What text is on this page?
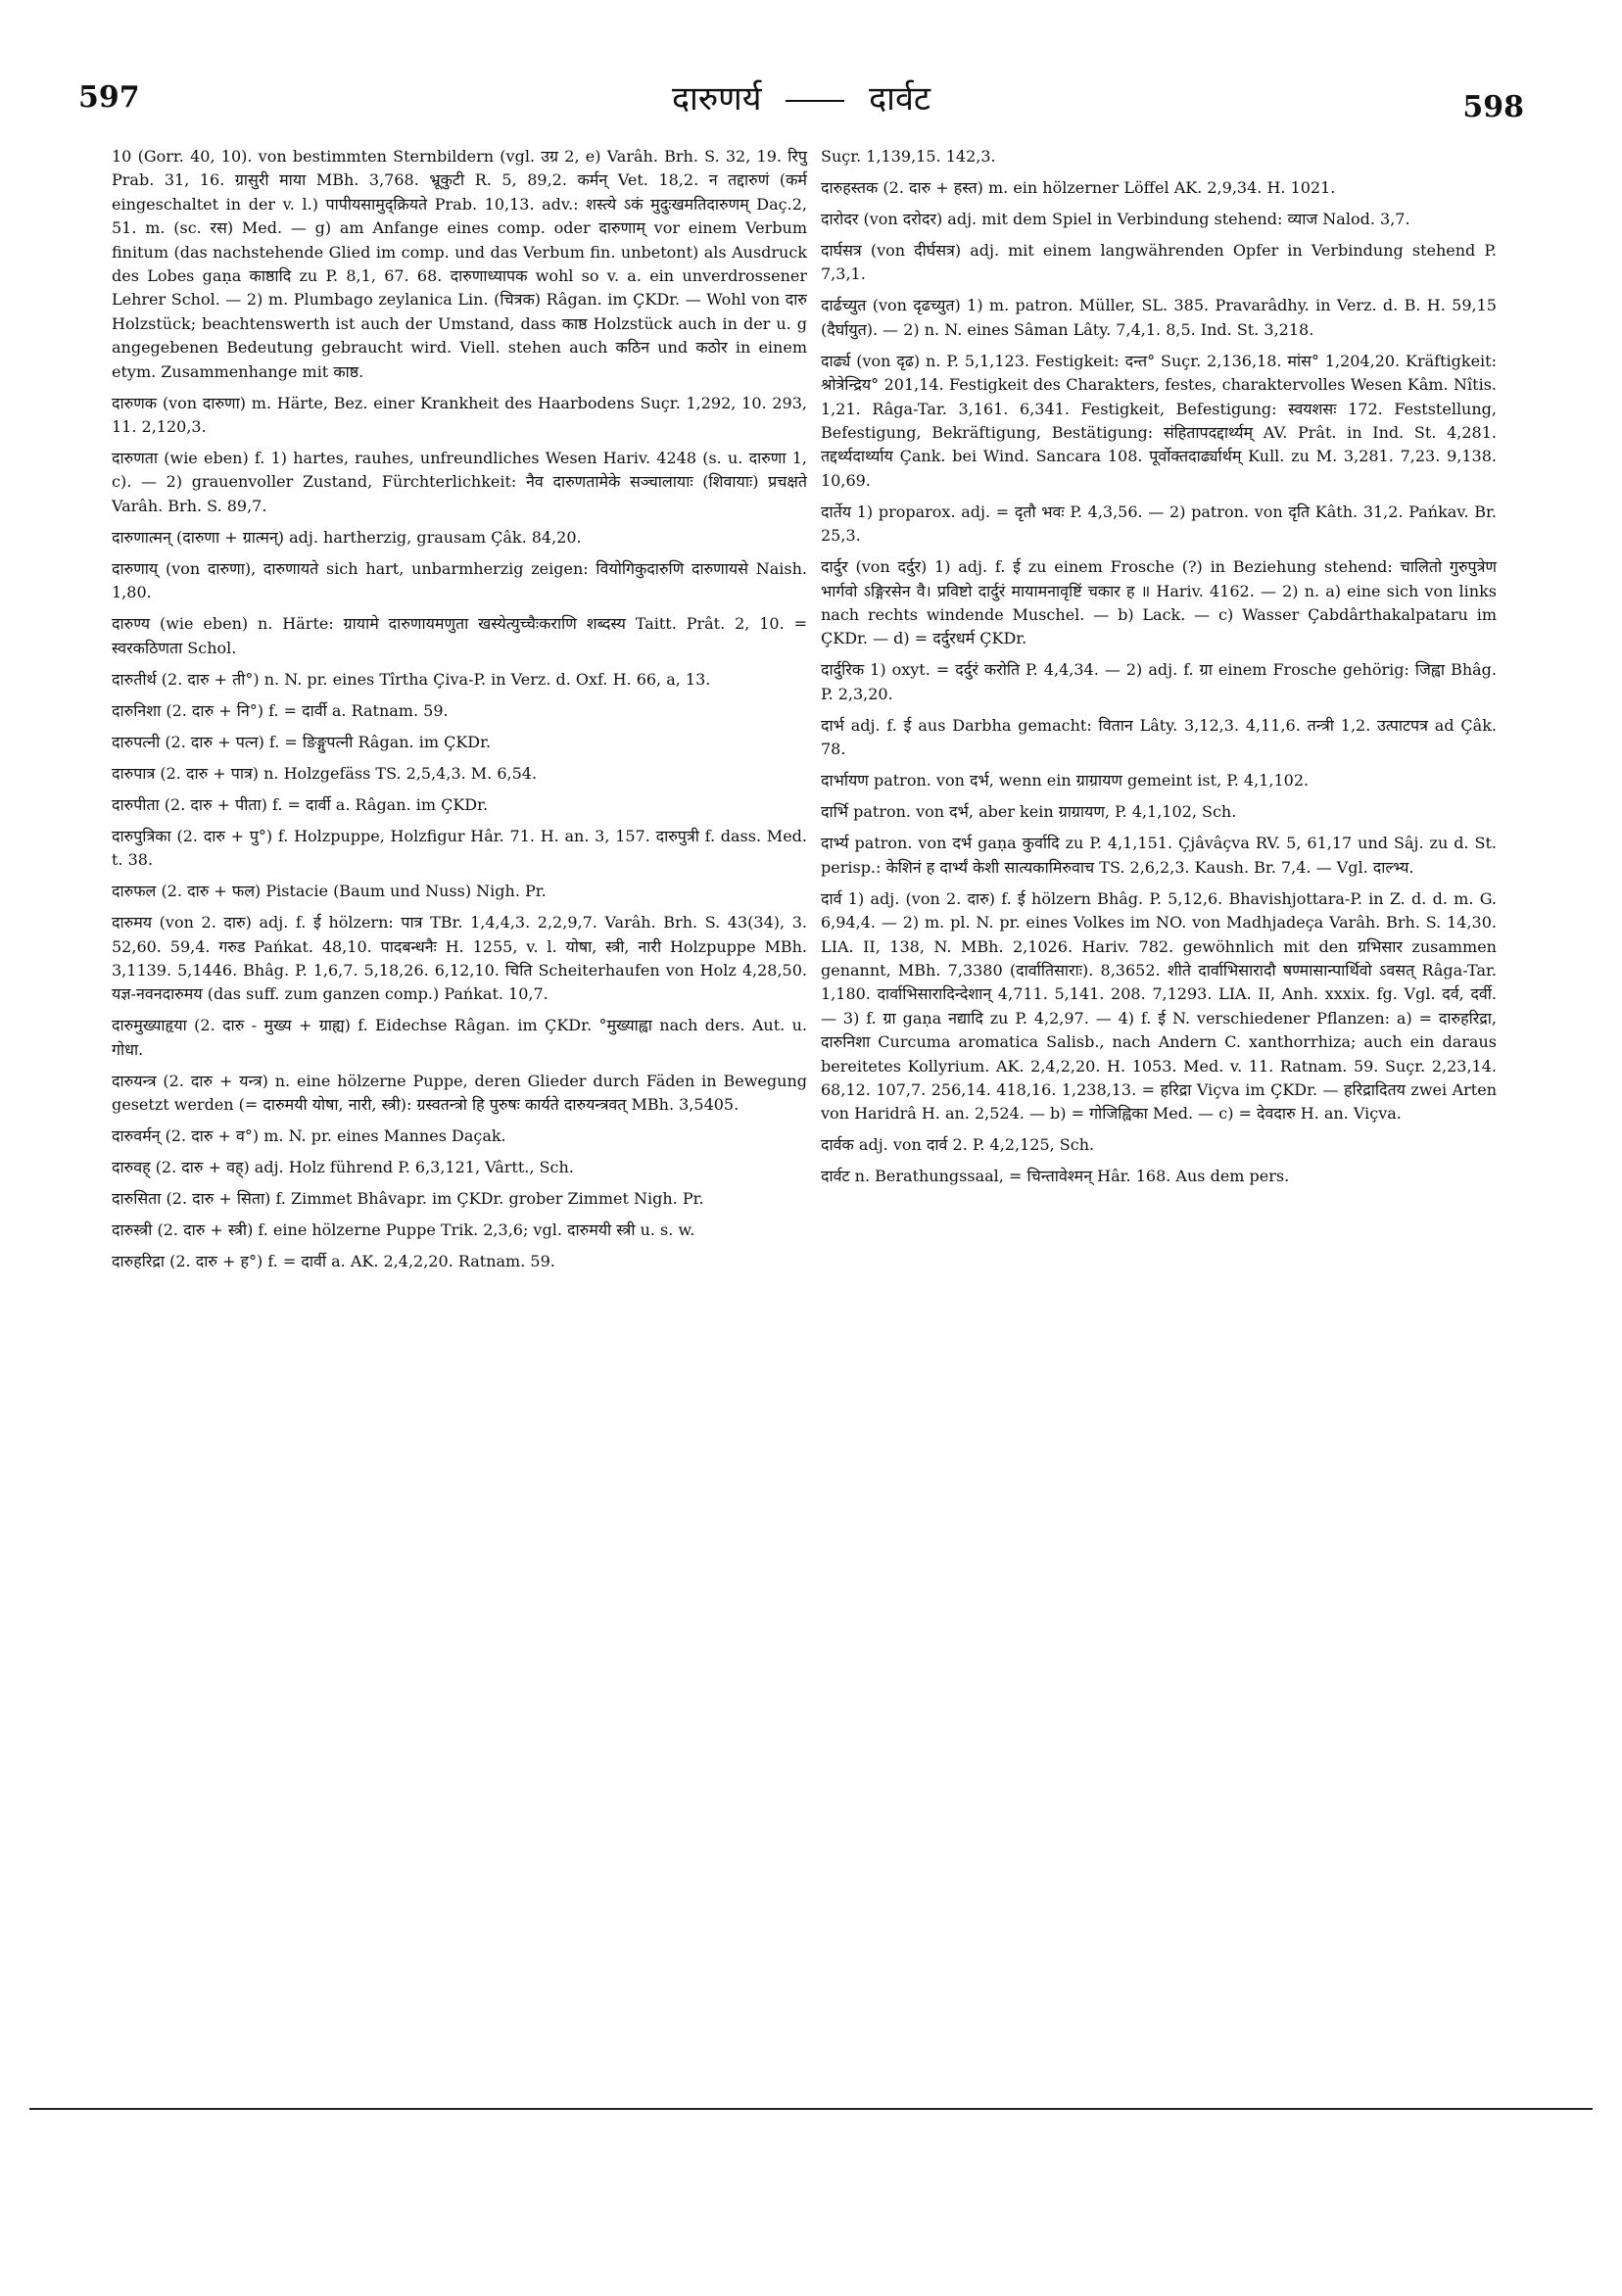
597	दारुणर्य	दार्वट	598

10 (Gorr. 40, 10). von bestimmten Sternbildern (vgl. उग्र 2, e) Varâh. Brh. S. 32, 19. रिपु Prab. 31, 16. ग्रासुरी माया MBh. 3,768. भ्रूकुटी R. 5, 89,2. कर्मन् Vet. 18,2. न तद्दारुणं (कर्म eingeschaltet in der v. l.) पापीयसामुद्क्रियते Prab. 10,13. adv.: शस्त्ये ऽकं मुदुःखमतिदारुणम् Daç.2, 51. m. (sc. रस) Med. — g) am Anfange eines comp. oder दारुणाम् vor einem Verbum finitum (das nachstehende Glied im comp. und das Verbum fin. unbetont) als Ausdruck des Lobes gaṇa काष्ठादि zu P. 8,1, 67. 68. दारुणाध्यापक wohl so v. a. ein unverdrossener Lehrer Schol. — 2) m. Plumbago zeylanica Lin. (चित्रक) Râgan. im ÇKDr. — Wohl von दारु Holzstück; beachtenswerth ist auch der Umstand, dass काष्ठ Holzstück auch in der u. g angegebenen Bedeutung gebraucht wird. Viell. stehen auch कठिन und कठोर in einem etym. Zusammenhange mit काष्ठ.

दारुणक (von दारुणा) m. Härte, Bez. einer Krankheit des Haarbodens Suçr. 1,292, 10. 293, 11. 2,120,3.

दारुणता (wie eben) f. 1) hartes, rauhes, unfreundliches Wesen Hariv. 4248 (s. u. दारुणा 1, c). — 2) grauenvoller Zustand, Fürchterlichkeit: नैव दारुणतामेके सञ्चालायाः (शिवायाः) प्रचक्षते Varâh. Brh. S. 89,7.

दारुणात्मन् (दारुणा + ग्रात्मन्) adj. hartherzig, grausam Çâk. 84,20.

दारुणाय् (von दारुणा), दारुणायते sich hart, unbarmherzig zeigen: वियोगिकुदारुणि दारुणायसे Naish. 1,80.

दारुण्य (wie eben) n. Härte: ग्रायामे दारुणायमणुता खस्येत्युच्चैःकराणि शब्दस्य Taitt. Prât. 2, 10. = स्वरकठिणता Schol.

दारुतीर्थ (2. दारु + ती°) n. N. pr. eines Tîrtha Çiva-P. in Verz. d. Oxf. H. 66, a, 13.

दारुनिशा (2. दारु + नि°) f. = दार्वी a. Ratnam. 59.

दारुपत्नी (2. दारु + पत्न) f. = ङिङ्गुपत्नी Râgan. im ÇKDr.

दारुपात्र (2. दारु + पात्र) n. Holzgefäss TS. 2,5,4,3. M. 6,54.

दारुपीता (2. दारु + पीता) f. = दार्वी a. Râgan. im ÇKDr.

दारुपुत्रिका (2. दारु + पु°) f. Holzpuppe, Holzfigur Hâr. 71. H. an. 3, 157. दारुपुत्री f. dass. Med. t. 38.

दारुफल (2. दारु + फल) Pistacie (Baum und Nuss) Nigh. Pr.

दारुमय (von 2. दारु) adj. f. ई hölzern: पात्र TBr. 1,4,4,3. 2,2,9,7. Varâh. Brh. S. 43(34), 3. 52,60. 59,4. गरुड Pańkat. 48,10. पादबन्धनैः H. 1255, v. l. योषा, स्त्री, नारी Holzpuppe MBh. 3,1139. 5,1446. Bhâg. P. 1,6,7. 5,18,26. 6,12,10. चिति Scheiterhaufen von Holz 4,28,50. यज्ञ-नवनदारुमय (das suff. zum ganzen comp.) Pańkat. 10,7.

दारुमुख्याहृया (2. दारु - मुख्य + ग्राह्य) f. Eidechse Râgan. im ÇKDr. °मुख्याह्वा nach ders. Aut. u. गोधा.

दारुयन्त्र (2. दारु + यन्त्र) n. eine hölzerne Puppe, deren Glieder durch Fäden in Bewegung gesetzt werden (= दारुमयी योषा, नारी, स्त्री): ग्रस्वतन्त्रो हि पुरुषः कार्यते दारुयन्त्रवत् MBh. 3,5405.

दारुवर्मन् (2. दारु + व°) m. N. pr. eines Mannes Daçak.

दारुवह् (2. दारु + वह्) adj. Holz führend P. 6,3,121, Vârtt., Sch.

दारुसिता (2. दारु + सिता) f. Zimmet Bhâvapr. im ÇKDr. grober Zimmet Nigh. Pr.

दारुस्त्री (2. दारु + स्त्री) f. eine hölzerne Puppe Trik. 2,3,6; vgl. दारुमयी स्त्री u. s. w.

दारुहरिद्रा (2. दारु + ह°) f. = दार्वी a. AK. 2,4,2,20. Ratnam. 59.

Suçr. 1,139,15. 142,3.

दारुहस्तक (2. दारु + हस्त) m. ein hölzerner Löffel AK. 2,9,34. H. 1021.

दारोदर (von दरोदर) adj. mit dem Spiel in Verbindung stehend: व्याज Nalod. 3,7.

दार्घसत्र (von दीर्घसत्र) adj. mit einem langwährenden Opfer in Verbindung stehend P. 7,3,1.

दार्ढच्युत (von दृढच्युत) 1) m. patron. Müller, SL. 385. Pravarâdhy. in Verz. d. B. H. 59,15 (दैर्घायुत). — 2) n. N. eines Sâman Lâty. 7,4,1. 8,5. Ind. St. 3,218.

दार्ढ्य (von दृढ) n. P. 5,1,123. Festigkeit: दन्त° Suçr. 2,136,18. मांस° 1,204,20. Kräftigkeit: श्रोत्रेन्द्रिय° 201,14. Festigkeit des Charakters, festes, charaktervolles Wesen Kâm. Nîtis. 1,21. Râga-Tar. 3,161. 6,341. Festigkeit, Befestigung: स्वयशसः 172. Feststellung, Befestigung, Bekräftigung, Bestätigung: संहितापदद्दार्थ्यम् AV. Prât. in Ind. St. 4,281. तद्दर्थ्यदार्थ्याय Çank. bei Wind. Sancara 108. पूर्वोक्तदार्ढ्यार्थम् Kull. zu M. 3,281. 7,23. 9,138. 10,69.

दार्तेय 1) proparox. adj. = दृतौ भवः P. 4,3,56. — 2) patron. von दृति Kâth. 31,2. Pańkav. Br. 25,3.

दार्दुर (von दर्दुर) 1) adj. f. ई zu einem Frosche (?) in Beziehung stehend: चालितो गुरुपुत्रेण भार्गवो ऽङ्गिरसेन वै। प्रविष्टो दार्दुरं मायामनावृष्टिं चकार ह ॥ Hariv. 4162. — 2) n. a) eine sich von links nach rechts windende Muschel. — b) Lack. — c) Wasser Çabdârthakalpataru im ÇKDr. — d) = दर्दुरधर्म ÇKDr.

दार्दुरिक 1) oxyt. = दर्दुरं करोति P. 4,4,34. — 2) adj. f. ग्रा einem Frosche gehörig: जिह्वा Bhâg. P. 2,3,20.

दार्भ adj. f. ई aus Darbha gemacht: वितान Lâty. 3,12,3. 4,11,6. तन्त्री 1,2. उत्पाटपत्र ad Çâk. 78.

दार्भायण patron. von दर्भ, wenn ein ग्राग्रायण gemeint ist, P. 4,1,102.

दार्भि patron. von दर्भ, aber kein ग्राग्रायण, P. 4,1,102, Sch.

दार्भ्य patron. von दर्भ gaṇa कुर्वादि zu P. 4,1,151. Çjâvâçva RV. 5, 61,17 und Sâj. zu d. St. perisp.: केशिनं ह दार्भ्यं केशी सात्यकामिरुवाच TS. 2,6,2,3. Kaush. Br. 7,4. — Vgl. दाल्भ्य.

दार्व 1) adj. (von 2. दारु) f. ई hölzern Bhâg. P. 5,12,6. Bhavishjottara-P. in Z. d. d. m. G. 6,94,4. — 2) m. pl. N. pr. eines Volkes im NO. von Madhjadeça Varâh. Brh. S. 14,30. LIA. II, 138, N. MBh. 2,1026. Hariv. 782. gewöhnlich mit den ग्रभिसार zusammen genannt, MBh. 7,3380 (दार्वातिसाराः). 8,3652. शीते दार्वाभिसारादौ षण्मासान्पार्थिवो ऽवसत् Râga-Tar. 1,180. दार्वाभिसारादिन्देशान् 4,711. 5,141. 208. 7,1293. LIA. II, Anh. xxxix. fg. Vgl. दर्व, दर्वी. — 3) f. ग्रा gaṇa नद्यादि zu P. 4,2,97. — 4) f. ई N. verschiedener Pflanzen: a) = दारुहरिद्रा, दारुनिशा Curcuma aromatica Salisb., nach Andern C. xanthorrhiza; auch ein daraus bereitetes Kollyrium. AK. 2,4,2,20. H. 1053. Med. v. 11. Ratnam. 59. Suçr. 2,23,14. 68,12. 107,7. 256,14. 418,16. 1,238,13. = हरिद्रा Viçva im ÇKDr. — हरिद्रादितय zwei Arten von Haridrâ H. an. 2,524. — b) = गोजिह्विका Med. — c) = देवदारु H. an. Viçva.

दार्वक adj. von दार्व 2. P. 4,2,125, Sch.

दार्वट n. Berathungssaal, = चिन्तावेश्मन् Hâr. 168. Aus dem pers.
